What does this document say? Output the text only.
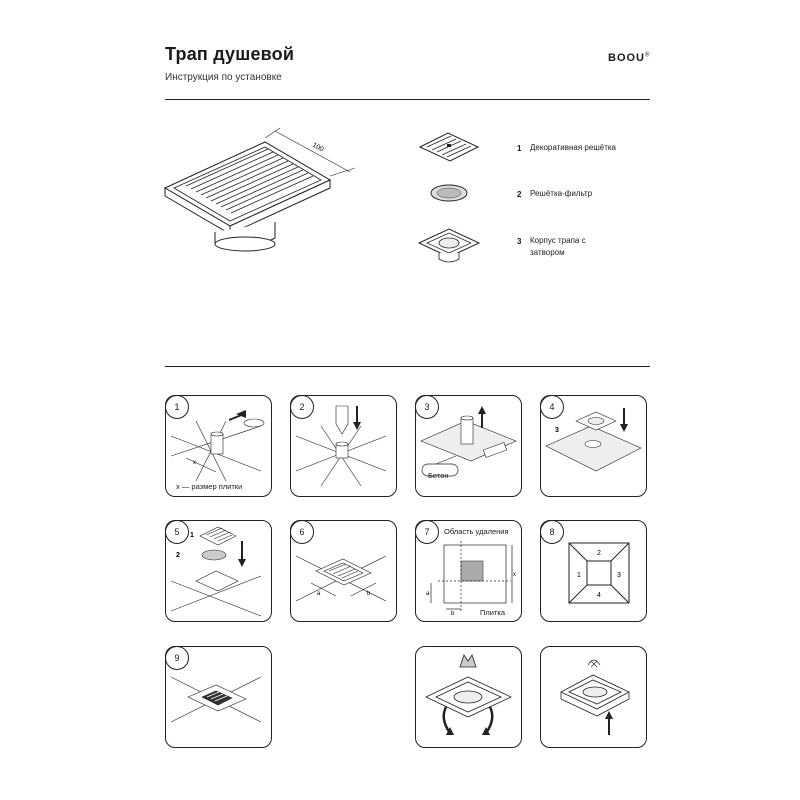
Трап душевой
Инструкция по установке
BOOU®
100	1 Декоративная решётка
2 Решётка-фильтр
3 Корпус трапа с затвором
x
1
x — размер плитки
2	3
Бетон
3
4
1
2
5
a	b
6
a
b
x
7	Область удаления
Плитка
1
2
3
4
8
9
